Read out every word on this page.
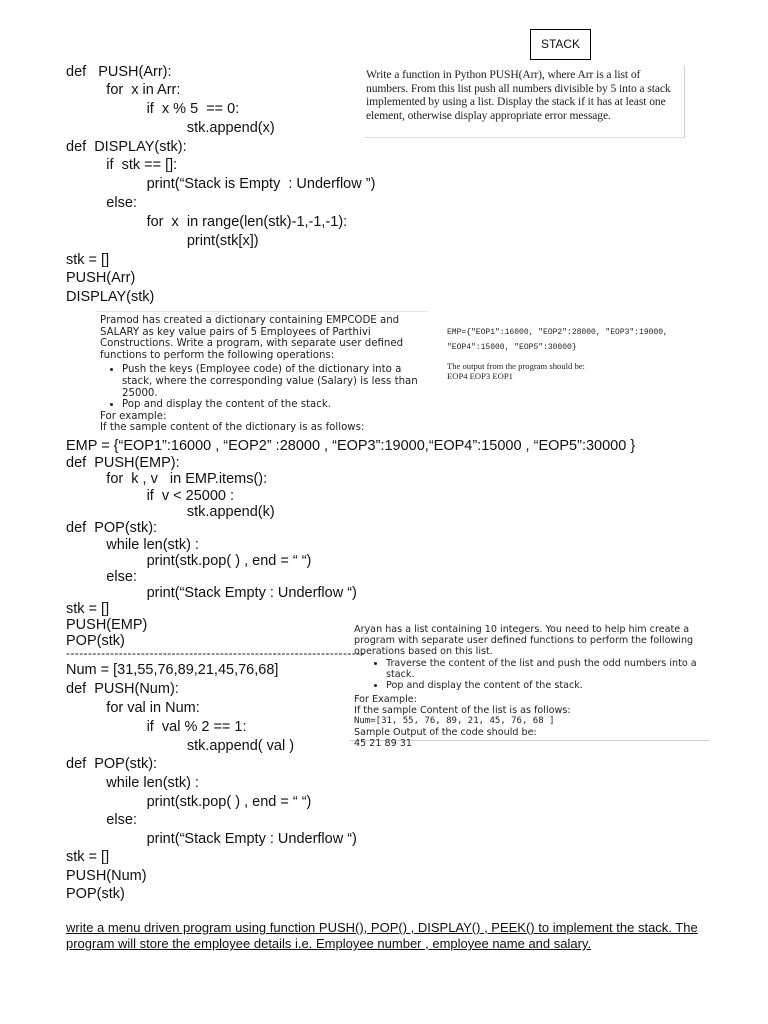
STACK
Write a function in Python PUSH(Arr), where Arr is a list of numbers. From this list push all numbers divisible by 5 into a stack implemented by using a list. Display the stack if it has at least one element, otherwise display appropriate error message.
def   PUSH(Arr):
for  x in Arr:
if  x % 5  == 0:
stk.append(x)
def  DISPLAY(stk):
if  stk == []:
print(“Stack is Empty  : Underflow ”)
else:
for  x  in range(len(stk)-1,-1,-1):
print(stk[x])
stk = []
PUSH(Arr)
DISPLAY(stk)
Pramod has created a dictionary containing EMPCODE and SALARY as key value pairs of 5 Employees of Parthivi Constructions. Write a program, with separate user defined functions to perform the following operations:
• Push the keys (Employee code) of the dictionary into a stack, where the corresponding value (Salary) is less than 25000.
• Pop and display the content of the stack.
For example:
If the sample content of the dictionary is as follows:
EMP={"EOP1":16000, "EOP2":28000, "EOP3":19000,
"EOP4":15000, "EOP5":30000}
The output from the program should be:
EOP4 EOP3 EOP1
EMP = {“EOP1”:16000 , “EOP2” :28000 , “EOP3”:19000,“EOP4”:15000 , “EOP5”:30000 }
def  PUSH(EMP):
for  k , v   in EMP.items():
if  v < 25000 :
stk.append(k)
def  POP(stk):
while len(stk) :
print(stk.pop( ) , end = “ “)
else:
print(“Stack Empty : Underflow “)
stk = []
PUSH(EMP)
POP(stk)
--------------------------------------------------------------------
Aryan has a list containing 10 integers. You need to help him create a program with separate user defined functions to perform the following operations based on this list.
• Traverse the content of the list and push the odd numbers into a stack.
• Pop and display the content of the stack.
For Example:
If the sample Content of the list is as follows:
Num=[31, 55, 76, 89, 21, 45, 76, 68 ]
Sample Output of the code should be:
45 21 89 31
Num = [31,55,76,89,21,45,76,68]
def  PUSH(Num):
for val in Num:
if  val % 2 == 1:
stk.append( val )
def  POP(stk):
while len(stk) :
print(stk.pop( ) , end = “ “)
else:
print(“Stack Empty : Underflow “)
stk = []
PUSH(Num)
POP(stk)
write a menu driven program using function PUSH(), POP() , DISPLAY() , PEEK() to implement the stack. The program will store the employee details i.e. Employee number , employee name and salary.
